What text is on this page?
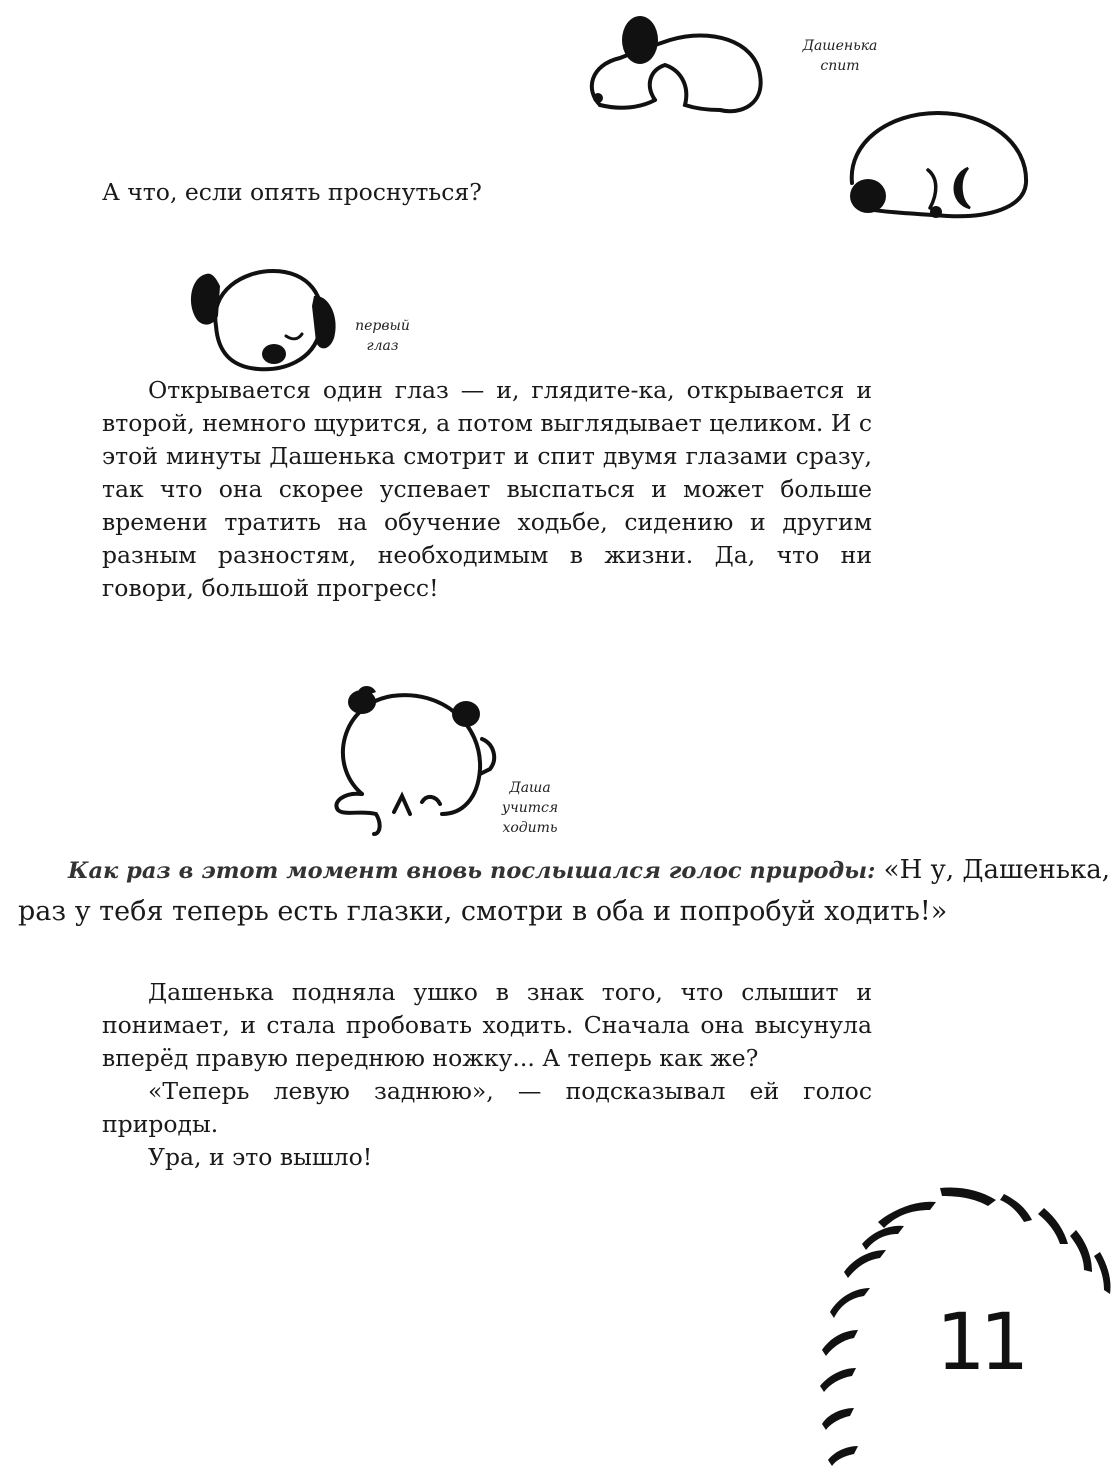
Дашенька
спит

А что, если опять проснуться?

первый
глаз

Открывается один глаз — и, глядите-ка, открывается и второй, немного щурится, а потом выглядывает целиком. И с этой минуты Дашенька смотрит и спит двумя глазами сразу, так что она скорее успевает выспаться и может больше времени тратить на обучение ходьбе, сидению и другим разным разностям, необходимым в жизни. Да, что ни говори, большой прогресс!

Даша
учится
ходить
Как раз в этот момент вновь послышался голос природы: «Н у, Дашенька,
раз у тебя теперь есть глазки, смотри в оба и попробуй ходить!»

Дашенька подняла ушко в знак того, что слышит и понимает, и стала пробовать ходить. Сначала она высунула вперёд правую переднюю ножку... А теперь как же?

«Теперь левую заднюю», — подсказывал ей голос природы.

Ура, и это вышло!

11
